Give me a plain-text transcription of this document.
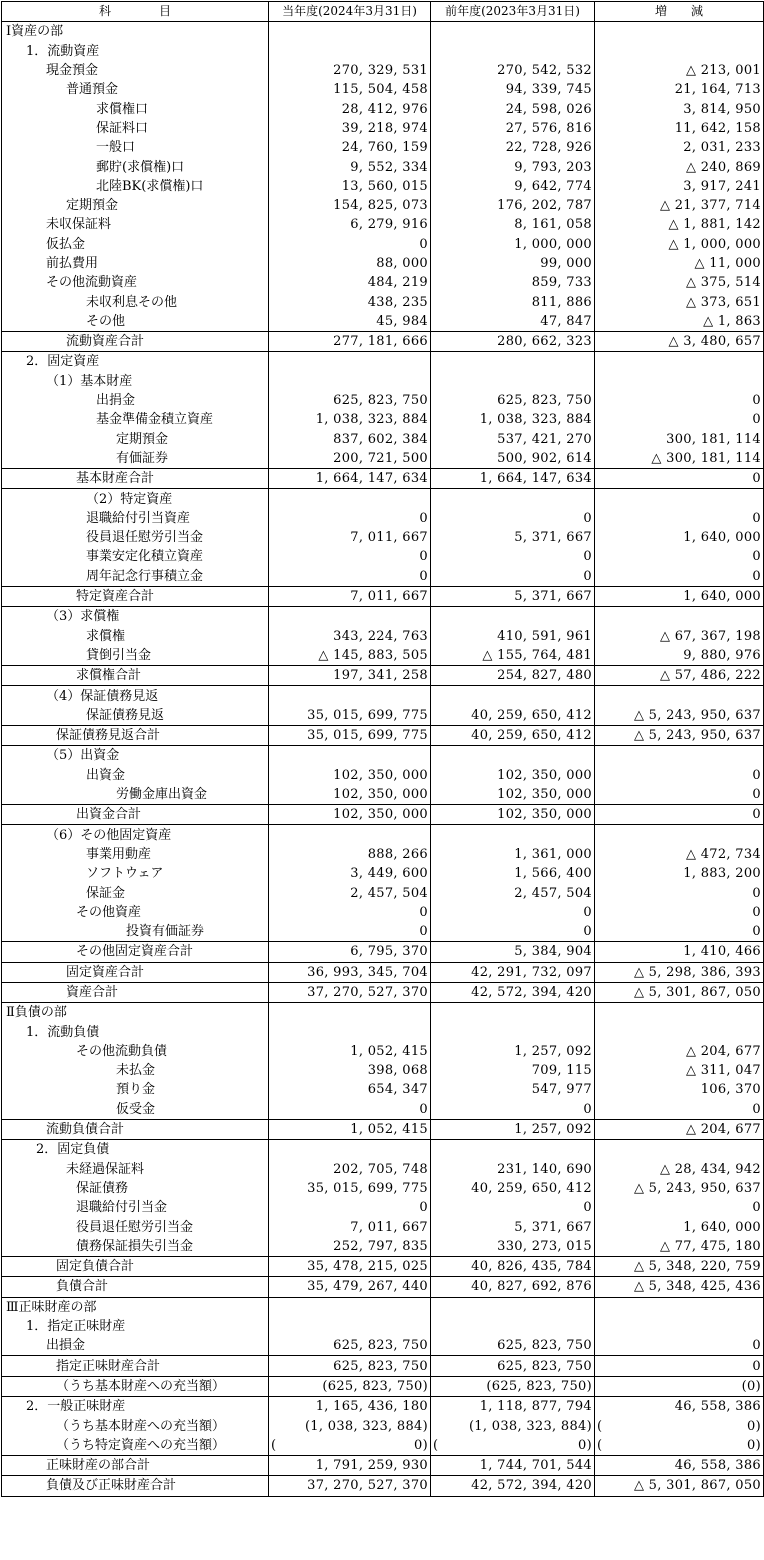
科　　　　目	当年度(2024年3月31日)	前年度(2023年3月31日)	増　　減
Ⅰ資産の部			
1．流動資産			
現金預金	270, 329, 531	270, 542, 532	△ 213, 001
普通預金	115, 504, 458	94, 339, 745	21, 164, 713
求償権口	28, 412, 976	24, 598, 026	3, 814, 950
保証料口	39, 218, 974	27, 576, 816	11, 642, 158
一般口	24, 760, 159	22, 728, 926	2, 031, 233
郵貯(求償権)口	9, 552, 334	9, 793, 203	△ 240, 869
北陸BK(求償権)口	13, 560, 015	9, 642, 774	3, 917, 241
定期預金	154, 825, 073	176, 202, 787	△ 21, 377, 714
未収保証料	6, 279, 916	8, 161, 058	△ 1, 881, 142
仮払金	0	1, 000, 000	△ 1, 000, 000
前払費用	88, 000	99, 000	△ 11, 000
その他流動資産	484, 219	859, 733	△ 375, 514
未収利息その他	438, 235	811, 886	△ 373, 651
その他	45, 984	47, 847	△ 1, 863
流動資産合計	277, 181, 666	280, 662, 323	△ 3, 480, 657
2．固定資産			
（1）基本財産			
出捐金	625, 823, 750	625, 823, 750	0
基金準備金積立資産	1, 038, 323, 884	1, 038, 323, 884	0
定期預金	837, 602, 384	537, 421, 270	300, 181, 114
有価証券	200, 721, 500	500, 902, 614	△ 300, 181, 114
基本財産合計	1, 664, 147, 634	1, 664, 147, 634	0
（2）特定資産			
退職給付引当資産	0	0	0
役員退任慰労引当金	7, 011, 667	5, 371, 667	1, 640, 000
事業安定化積立資産	0	0	0
周年記念行事積立金	0	0	0
特定資産合計	7, 011, 667	5, 371, 667	1, 640, 000
（3）求償権			
求償権	343, 224, 763	410, 591, 961	△ 67, 367, 198
貸倒引当金	△ 145, 883, 505	△ 155, 764, 481	9, 880, 976
求償権合計	197, 341, 258	254, 827, 480	△ 57, 486, 222
（4）保証債務見返			
保証債務見返	35, 015, 699, 775	40, 259, 650, 412	△ 5, 243, 950, 637
保証債務見返合計	35, 015, 699, 775	40, 259, 650, 412	△ 5, 243, 950, 637
（5）出資金			
出資金	102, 350, 000	102, 350, 000	0
労働金庫出資金	102, 350, 000	102, 350, 000	0
出資金合計	102, 350, 000	102, 350, 000	0
（6）その他固定資産			
事業用動産	888, 266	1, 361, 000	△ 472, 734
ソフトウェア	3, 449, 600	1, 566, 400	1, 883, 200
保証金	2, 457, 504	2, 457, 504	0
その他資産	0	0	0
投資有価証券	0	0	0
その他固定資産合計	6, 795, 370	5, 384, 904	1, 410, 466
固定資産合計	36, 993, 345, 704	42, 291, 732, 097	△ 5, 298, 386, 393
資産合計	37, 270, 527, 370	42, 572, 394, 420	△ 5, 301, 867, 050
Ⅱ負債の部			
1．流動負債			
その他流動負債	1, 052, 415	1, 257, 092	△ 204, 677
未払金	398, 068	709, 115	△ 311, 047
預り金	654, 347	547, 977	106, 370
仮受金	0	0	0
流動負債合計	1, 052, 415	1, 257, 092	△ 204, 677
2．固定負債			
未経過保証料	202, 705, 748	231, 140, 690	△ 28, 434, 942
保証債務	35, 015, 699, 775	40, 259, 650, 412	△ 5, 243, 950, 637
退職給付引当金	0	0	0
役員退任慰労引当金	7, 011, 667	5, 371, 667	1, 640, 000
債務保証損失引当金	252, 797, 835	330, 273, 015	△ 77, 475, 180
固定負債合計	35, 478, 215, 025	40, 826, 435, 784	△ 5, 348, 220, 759
負債合計	35, 479, 267, 440	40, 827, 692, 876	△ 5, 348, 425, 436
Ⅲ正味財産の部			
1．指定正味財産			
出損金	625, 823, 750	625, 823, 750	0
指定正味財産合計	625, 823, 750	625, 823, 750	0
（うち基本財産への充当額）	(625, 823, 750)	(625, 823, 750)	(0)
2．一般正味財産	1, 165, 436, 180	1, 118, 877, 794	46, 558, 386
（うち基本財産への充当額）	(1, 038, 323, 884)	(1, 038, 323, 884)	( 0)

（うち特定資産への充当額）	( 0)	( 0)	( 0)

正味財産の部合計	1, 791, 259, 930	1, 744, 701, 544	46, 558, 386
負債及び正味財産合計	37, 270, 527, 370	42, 572, 394, 420	△ 5, 301, 867, 050
